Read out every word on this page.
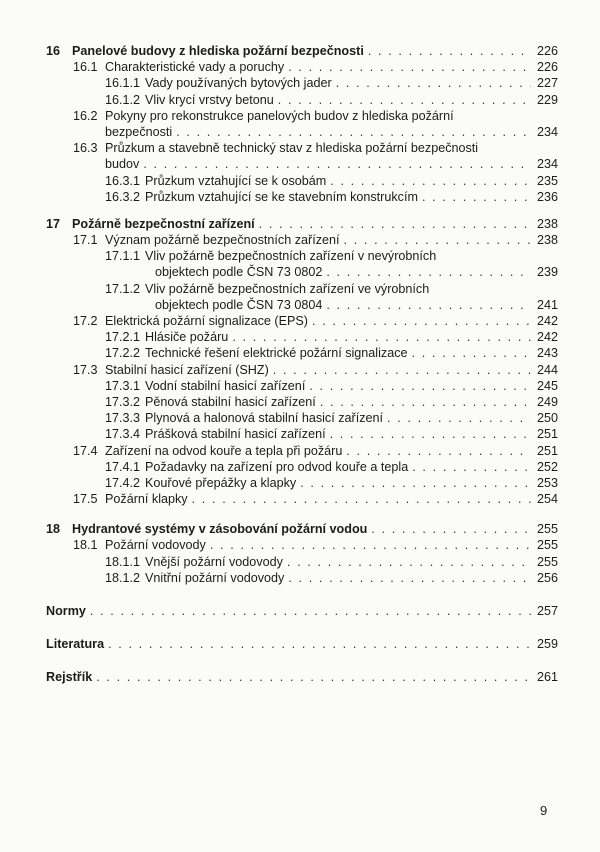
16 Panelové budovy z hlediska požární bezpečnosti . . .	226
16.1 Charakteristické vady a poruchy . . .	226
16.1.1 Vady používaných bytových jader . . .	227
16.1.2 Vliv krycí vrstvy betonu . . .	229
16.2 Pokyny pro rekonstrukce panelových budov z hlediska požární
bezpečnosti . . .	234
16.3 Průzkum a stavebně technický stav z hlediska požární bezpečnosti
budov . . .	234
16.3.1 Průzkum vztahující se k osobám . . .	235
16.3.2 Průzkum vztahující se ke stavebním konstrukcím . . .	236
17 Požárně bezpečnostní zařízení . . .	238
17.1 Význam požárně bezpečnostních zařízení . . .	238
17.1.1 Vliv požárně bezpečnostních zařízení v nevýrobních
objektech podle ČSN 73 0802 . . .	239
17.1.2 Vliv požárně bezpečnostních zařízení ve výrobních
objektech podle ČSN 73 0804 . . .	241
17.2 Elektrická požární signalizace (EPS) . . .	242
17.2.1 Hlásiče požáru . . .	242
17.2.2 Technické řešení elektrické požární signalizace . . .	243
17.3 Stabilní hasicí zařízení (SHZ) . . .	244
17.3.1 Vodní stabilní hasicí zařízení . . .	245
17.3.2 Pěnová stabilní hasicí zařízení . . .	249
17.3.3 Plynová a halonová stabilní hasicí zařízení . . .	250
17.3.4 Prášková stabilní hasicí zařízení . . .	251
17.4 Zařízení na odvod kouře a tepla při požáru . . .	251
17.4.1 Požadavky na zařízení pro odvod kouře a tepla . . .	252
17.4.2 Kouřové přepážky a klapky . . .	253
17.5 Požární klapky . . .	254
18 Hydrantové systémy v zásobování požární vodou . . .	255
18.1 Požární vodovody . . .	255
18.1.1 Vnější požární vodovody . . .	255
18.1.2 Vnitřní požární vodovody . . .	256
Normy . . .	257
Literatura . . .	259
Rejstřík . . .	261
9
